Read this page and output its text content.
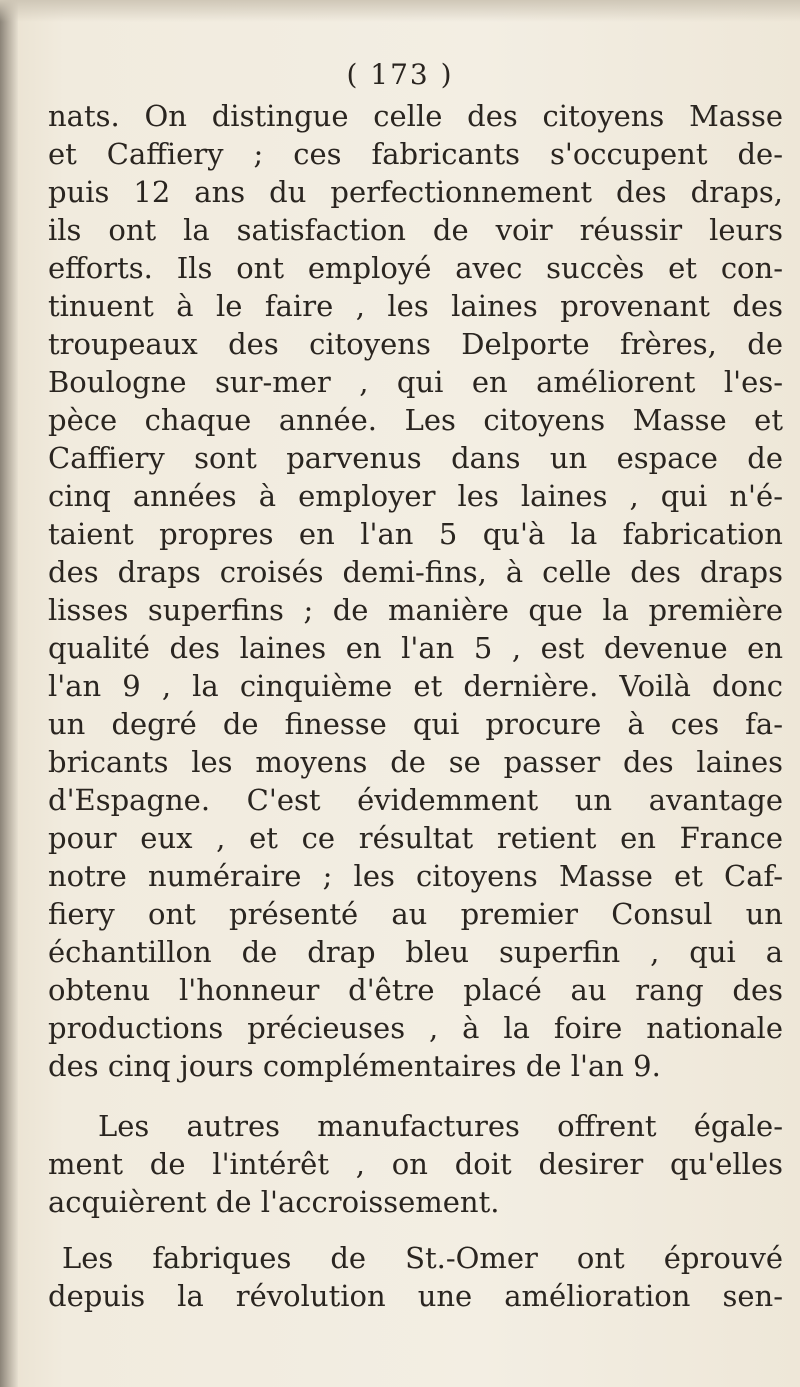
( 173 )
nats. On distingue celle des citoyens Masse
et Caffiery ; ces fabricants s'occupent de-
puis 12 ans du perfectionnement des draps,
ils ont la satisfaction de voir réussir leurs
efforts. Ils ont employé avec succès et con-
tinuent à le faire , les laines provenant des
troupeaux des citoyens Delporte frères, de
Boulogne sur-mer , qui en améliorent l'es-
pèce chaque année. Les citoyens Masse et
Caffiery sont parvenus dans un espace de
cinq années à employer les laines , qui n'é-
taient propres en l'an 5 qu'à la fabrication
des draps croisés demi-fins, à celle des draps
lisses superfins ; de manière que la première
qualité des laines en l'an 5 , est devenue en
l'an 9 , la cinquième et dernière. Voilà donc
un degré de finesse qui procure à ces fa-
bricants les moyens de se passer des laines
d'Espagne. C'est évidemment un avantage
pour eux , et ce résultat retient en France
notre numéraire ; les citoyens Masse et Caf-
fiery ont présenté au premier Consul un
échantillon de drap bleu superfin , qui a
obtenu l'honneur d'être placé au rang des
productions précieuses , à la foire nationale
des cinq jours complémentaires de l'an 9.
Les autres manufactures offrent égale-
ment de l'intérêt , on doit desirer qu'elles
acquièrent de l'accroissement.
Les fabriques de St.-Omer ont éprouvé
depuis la révolution une amélioration sen-
